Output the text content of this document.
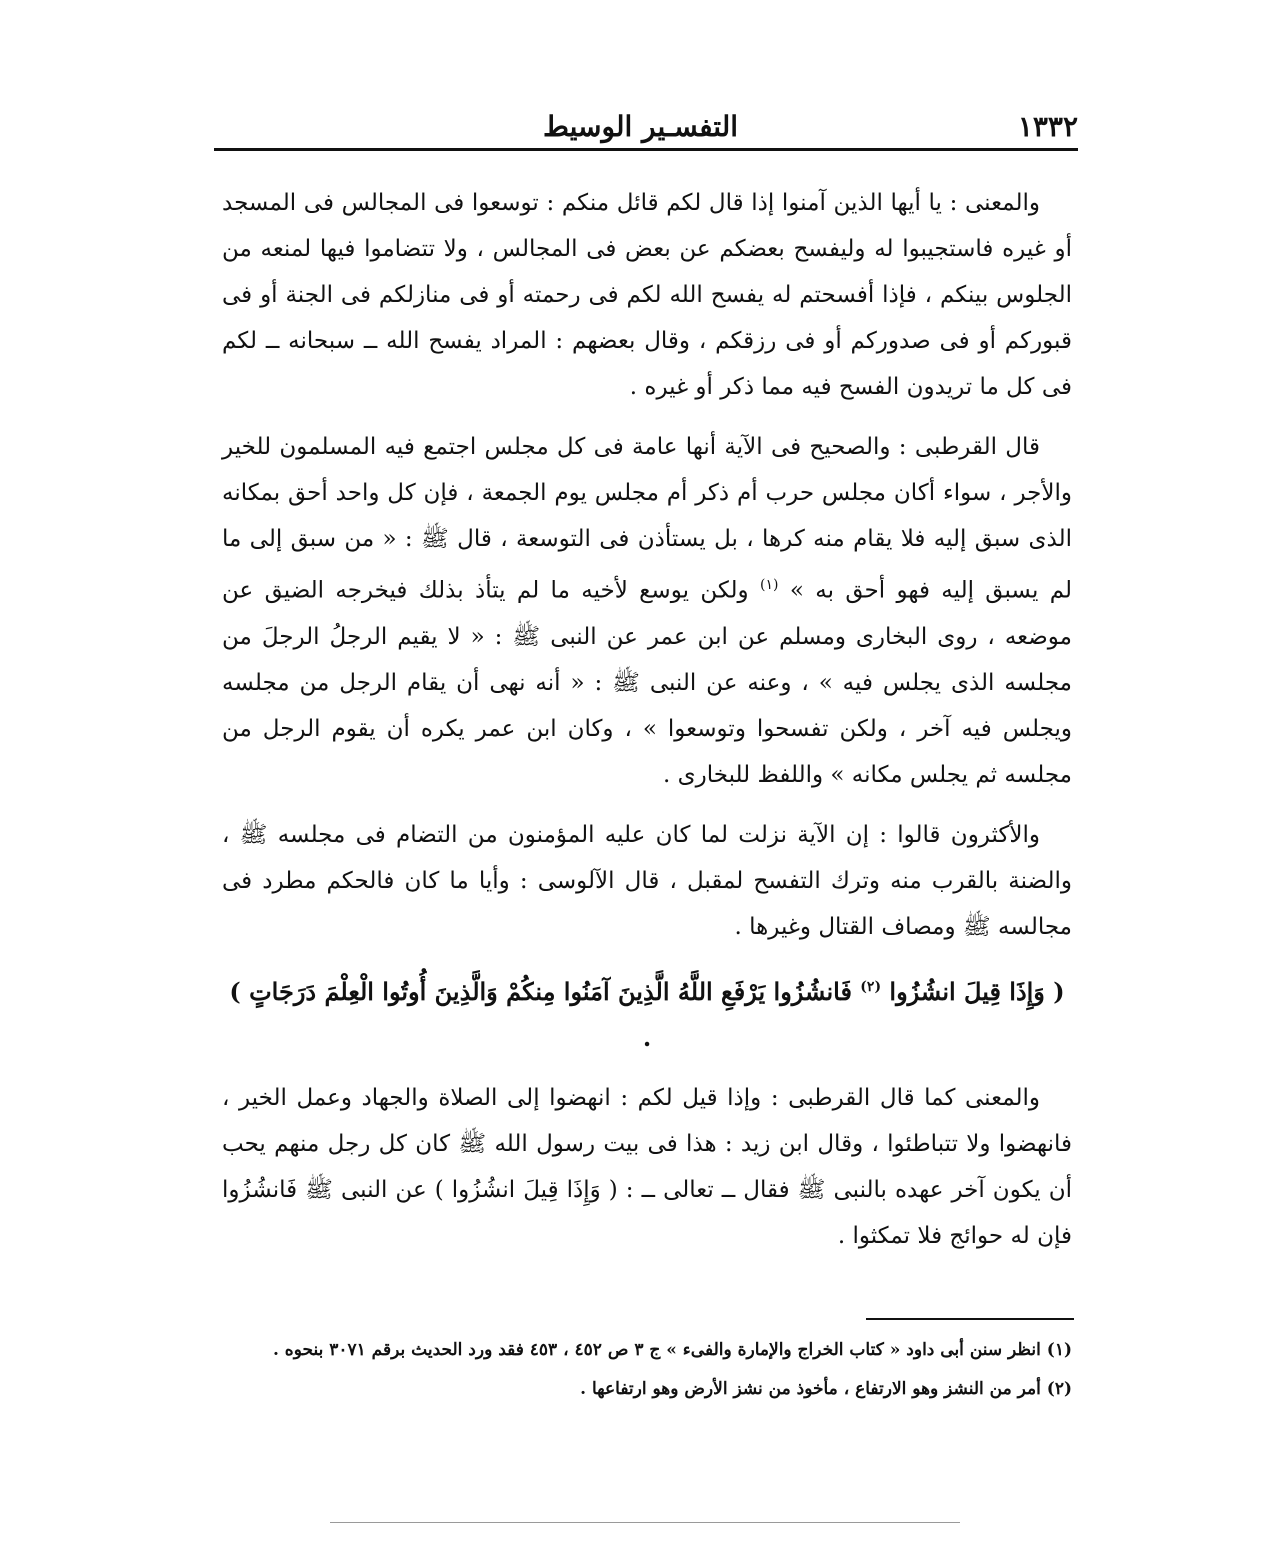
١٣٣٢
التفسـير الوسيط

والمعنى : يا أيها الذين آمنوا إذا قال لكم قائل منكم : توسعوا فى المجالس فى المسجد أو غيره فاستجيبوا له وليفسح بعضكم عن بعض فى المجالس ، ولا تتضاموا فيها لمنعه من الجلوس بينكم ، فإذا أفسحتم له يفسح الله لكم فى رحمته أو فى منازلكم فى الجنة أو فى قبوركم أو فى صدوركم أو فى رزقكم ، وقال بعضهم : المراد يفسح الله ــ سبحانه ــ لكم فى كل ما تريدون الفسح فيه مما ذكر أو غيره .

قال القرطبى : والصحيح فى الآية أنها عامة فى كل مجلس اجتمع فيه المسلمون للخير والأجر ، سواء أكان مجلس حرب أم ذكر أم مجلس يوم الجمعة ، فإن كل واحد أحق بمكانه الذى سبق إليه فلا يقام منه كرها ، بل يستأذن فى التوسعة ، قال ﷺ : « من سبق إلى ما لم يسبق إليه فهو أحق به » $^{(١)}$ ولكن يوسع لأخيه ما لم يتأذ بذلك فيخرجه الضيق عن موضعه ، روى البخارى ومسلم عن ابن عمر عن النبى ﷺ : « لا يقيم الرجلُ الرجلَ من مجلسه الذى يجلس فيه » ، وعنه عن النبى ﷺ : « أنه نهى أن يقام الرجل من مجلسه ويجلس فيه آخر ، ولكن تفسحوا وتوسعوا » ، وكان ابن عمر يكره أن يقوم الرجل من مجلسه ثم يجلس مكانه » واللفظ للبخارى .

والأكثرون قالوا : إن الآية نزلت لما كان عليه المؤمنون من التضام فى مجلسه ﷺ ، والضنة بالقرب منه وترك التفسح لمقبل ، قال الآلوسى : وأيا ما كان فالحكم مطرد فى مجالسه ﷺ ومصاف القتال وغيرها .

( وَإِذَا قِيلَ انشُزُوا $^{(٢)}$ فَانشُزُوا يَرْفَعِ اللَّهُ الَّذِينَ آمَنُوا مِنكُمْ وَالَّذِينَ أُوتُوا الْعِلْمَ دَرَجَاتٍ ) .

والمعنى كما قال القرطبى : وإذا قيل لكم : انهضوا إلى الصلاة والجهاد وعمل الخير ، فانهضوا ولا تتباطئوا ، وقال ابن زيد : هذا فى بيت رسول الله ﷺ كان كل رجل منهم يحب أن يكون آخر عهده بالنبى ﷺ فقال ــ تعالى ــ : ( وَإِذَا قِيلَ انشُزُوا ) عن النبى ﷺ فَانشُزُوا فإن له حوائج فلا تمكثوا .

(١) انظر سنن أبى داود « كتاب الخراج والإمارة والفىء » ج ٣ ص ٤٥٢ ، ٤٥٣ فقد ورد الحديث برقم ٣٠٧١ بنحوه .

(٢) أمر من النشز وهو الارتفاع ، مأخوذ من نشز الأرض وهو ارتفاعها .
